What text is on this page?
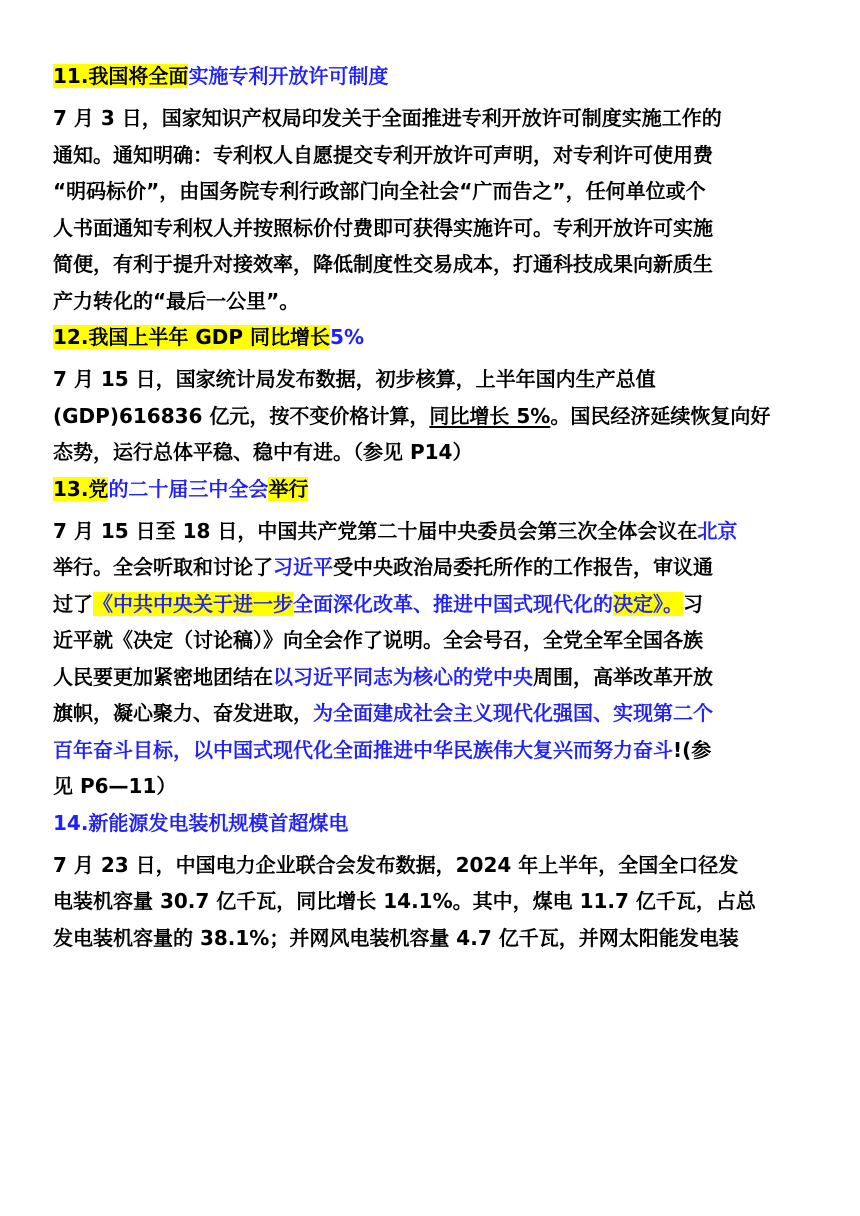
11.我国将全面实施专利开放许可制度
7 月 3 日，国家知识产权局印发关于全面推进专利开放许可制度实施工作的
通知。通知明确：专利权人自愿提交专利开放许可声明，对专利许可使用费
“明码标价”，由国务院专利行政部门向全社会“广而告之”，任何单位或个
人书面通知专利权人并按照标价付费即可获得实施许可。专利开放许可实施
简便，有利于提升对接效率，降低制度性交易成本，打通科技成果向新质生
产力转化的“最后一公里”。
12.我国上半年 GDP 同比增长5%
7 月 15 日，国家统计局发布数据，初步核算，上半年国内生产总值
(GDP)616836 亿元，按不变价格计算，同比增长 5%。国民经济延续恢复向好
态势，运行总体平稳、稳中有进。（参见 P14）
13.党的二十届三中全会举行
7 月 15 日至 18 日，中国共产党第二十届中央委员会第三次全体会议在北京
举行。全会听取和讨论了习近平受中央政治局委托所作的工作报告，审议通
过了《中共中央关于进一步全面深化改革、推进中国式现代化的决定》。习
近平就《决定（讨论稿）》向全会作了说明。全会号召，全党全军全国各族
人民要更加紧密地团结在以习近平同志为核心的党中央周围，高举改革开放
旗帜，凝心聚力、奋发进取，为全面建成社会主义现代化强国、实现第二个
百年奋斗目标，以中国式现代化全面推进中华民族伟大复兴而努力奋斗!(参
见 P6—11）
14.新能源发电装机规模首超煤电
7 月 23 日，中国电力企业联合会发布数据，2024 年上半年，全国全口径发
电装机容量 30.7 亿千瓦，同比增长 14.1%。其中，煤电 11.7 亿千瓦，占总
发电装机容量的 38.1%；并网风电装机容量 4.7 亿千瓦，并网太阳能发电装
